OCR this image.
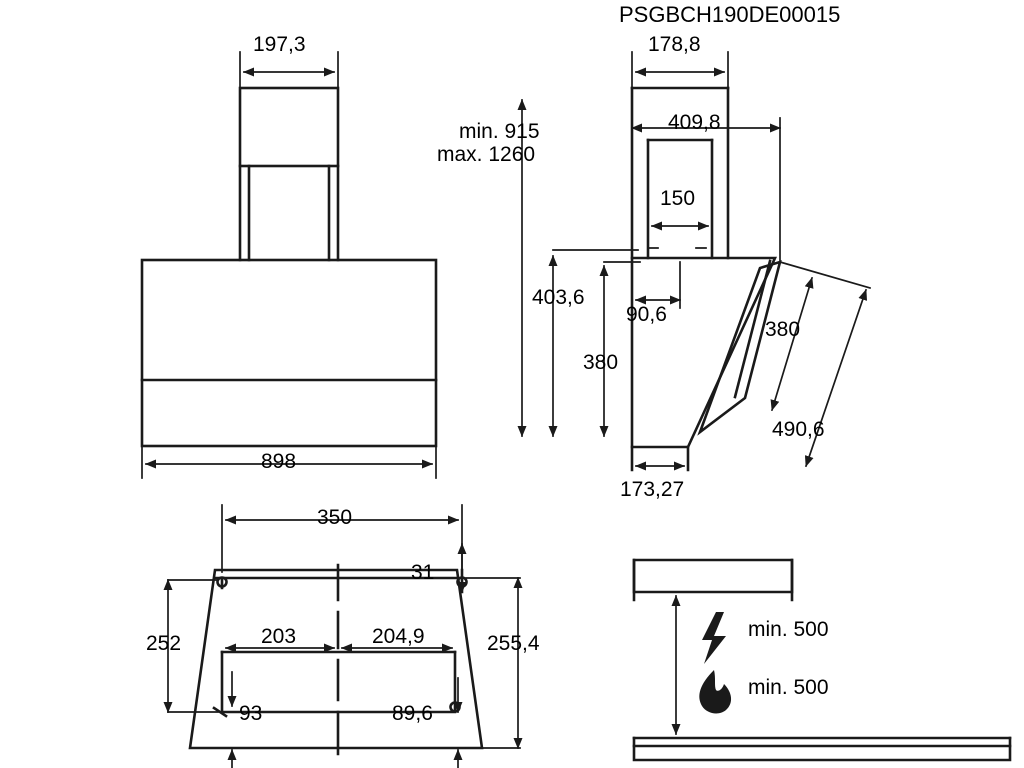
PSGBCH190DE00015
197,3
898
178,8
min. 915
max. 1260
409,8
150
403,6
90,6
380
380
490,6
173,27
350
31
252	255,4
203	204,9
93	89,6
min. 500
min. 500
